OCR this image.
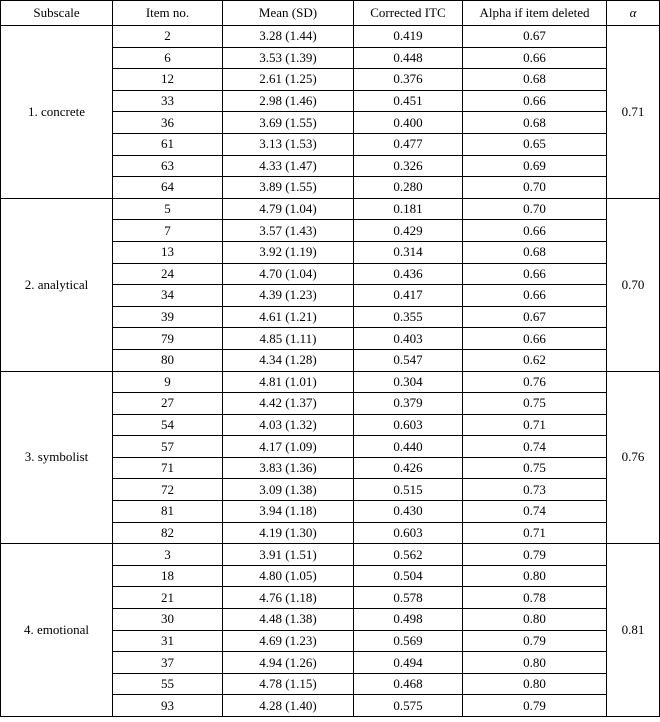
Subscale	Item no.	Mean (SD)	Corrected ITC	Alpha if item deleted	α
1. concrete	2	3.28 (1.44)	0.419	0.67	0.71
	6	3.53 (1.39)	0.448	0.66	
	12	2.61 (1.25)	0.376	0.68	
	33	2.98 (1.46)	0.451	0.66	
	36	3.69 (1.55)	0.400	0.68	
	61	3.13 (1.53)	0.477	0.65	
	63	4.33 (1.47)	0.326	0.69	
	64	3.89 (1.55)	0.280	0.70	
2. analytical	5	4.79 (1.04)	0.181	0.70	0.70
	7	3.57 (1.43)	0.429	0.66	
	13	3.92 (1.19)	0.314	0.68	
	24	4.70 (1.04)	0.436	0.66	
	34	4.39 (1.23)	0.417	0.66	
	39	4.61 (1.21)	0.355	0.67	
	79	4.85 (1.11)	0.403	0.66	
	80	4.34 (1.28)	0.547	0.62	
3. symbolist	9	4.81 (1.01)	0.304	0.76	0.76
	27	4.42 (1.37)	0.379	0.75	
	54	4.03 (1.32)	0.603	0.71	
	57	4.17 (1.09)	0.440	0.74	
	71	3.83 (1.36)	0.426	0.75	
	72	3.09 (1.38)	0.515	0.73	
	81	3.94 (1.18)	0.430	0.74	
	82	4.19 (1.30)	0.603	0.71	
4. emotional	3	3.91 (1.51)	0.562	0.79	0.81
	18	4.80 (1.05)	0.504	0.80	
	21	4.76 (1.18)	0.578	0.78	
	30	4.48 (1.38)	0.498	0.80	
	31	4.69 (1.23)	0.569	0.79	
	37	4.94 (1.26)	0.494	0.80	
	55	4.78 (1.15)	0.468	0.80	
	93	4.28 (1.40)	0.575	0.79	
